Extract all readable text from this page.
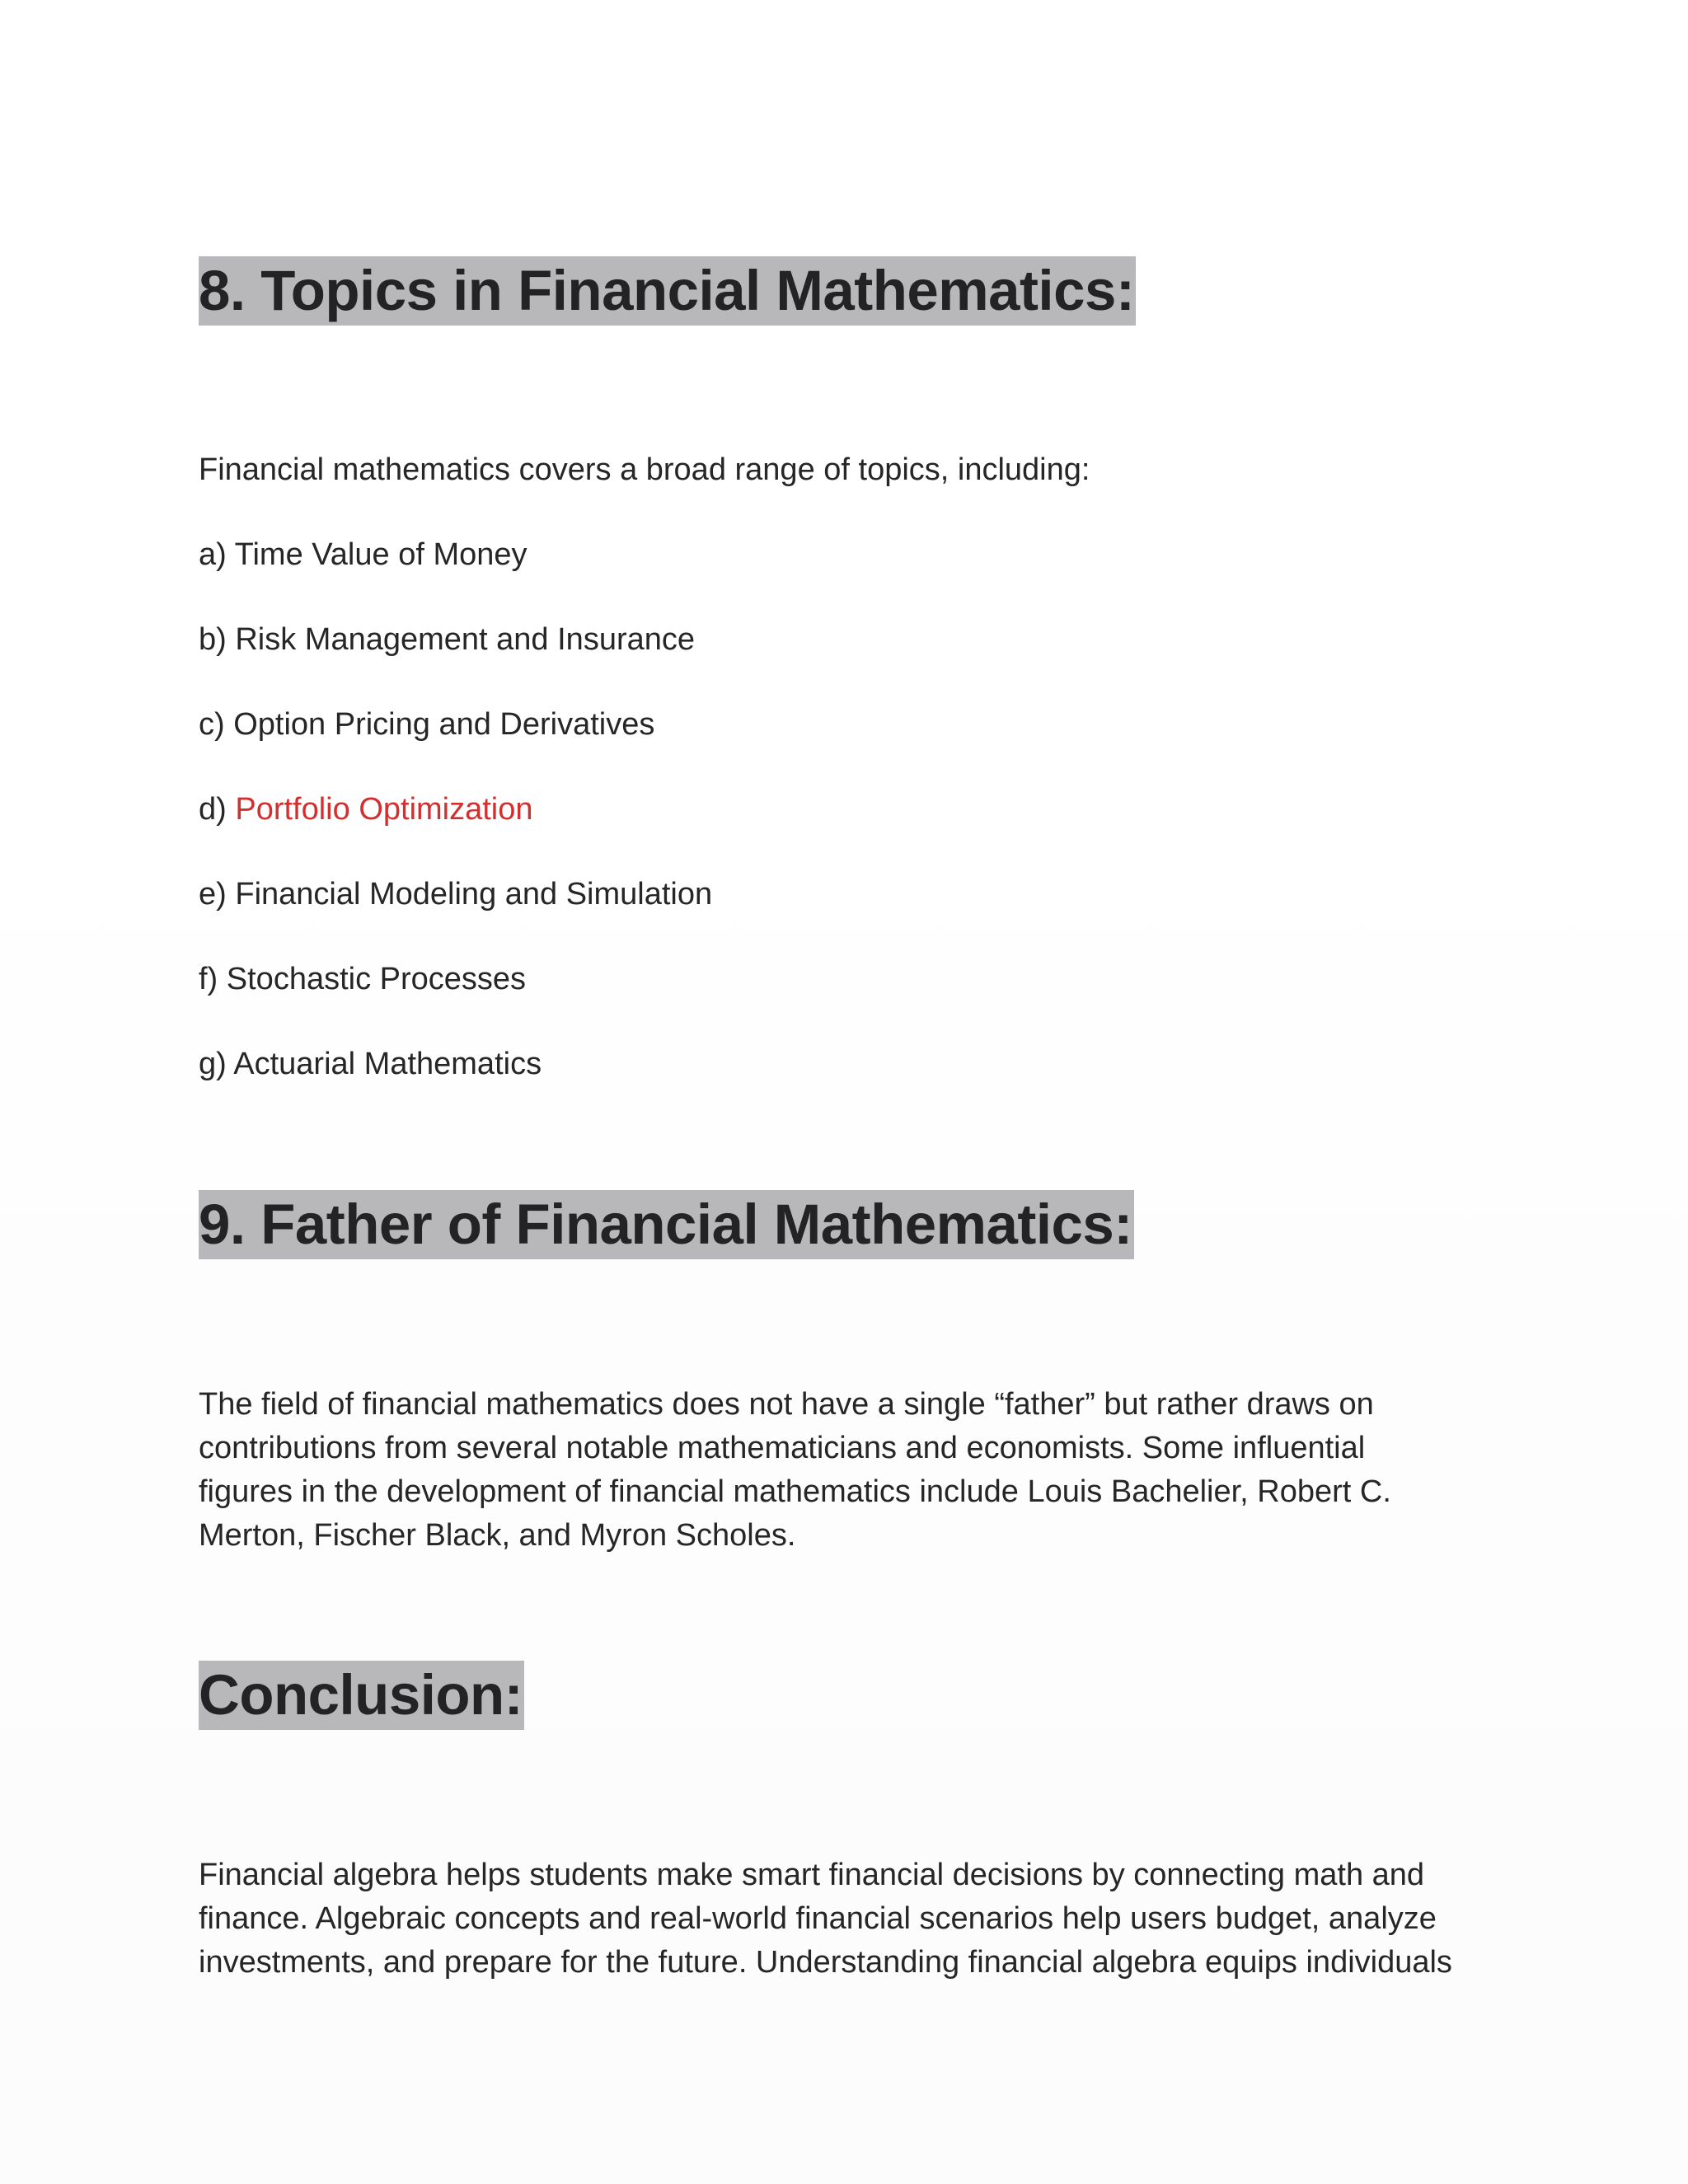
8. Topics in Financial Mathematics:

Financial mathematics covers a broad range of topics, including:

a) Time Value of Money

b) Risk Management and Insurance

c) Option Pricing and Derivatives

d) Portfolio Optimization

e) Financial Modeling and Simulation

f) Stochastic Processes

g) Actuarial Mathematics

9. Father of Financial Mathematics:

The field of financial mathematics does not have a single “father” but rather draws on

contributions from several notable mathematicians and economists. Some influential

figures in the development of financial mathematics include Louis Bachelier, Robert C.

Merton, Fischer Black, and Myron Scholes.

Conclusion:

Financial algebra helps students make smart financial decisions by connecting math and

finance. Algebraic concepts and real-world financial scenarios help users budget, analyze

investments, and prepare for the future. Understanding financial algebra equips individuals
